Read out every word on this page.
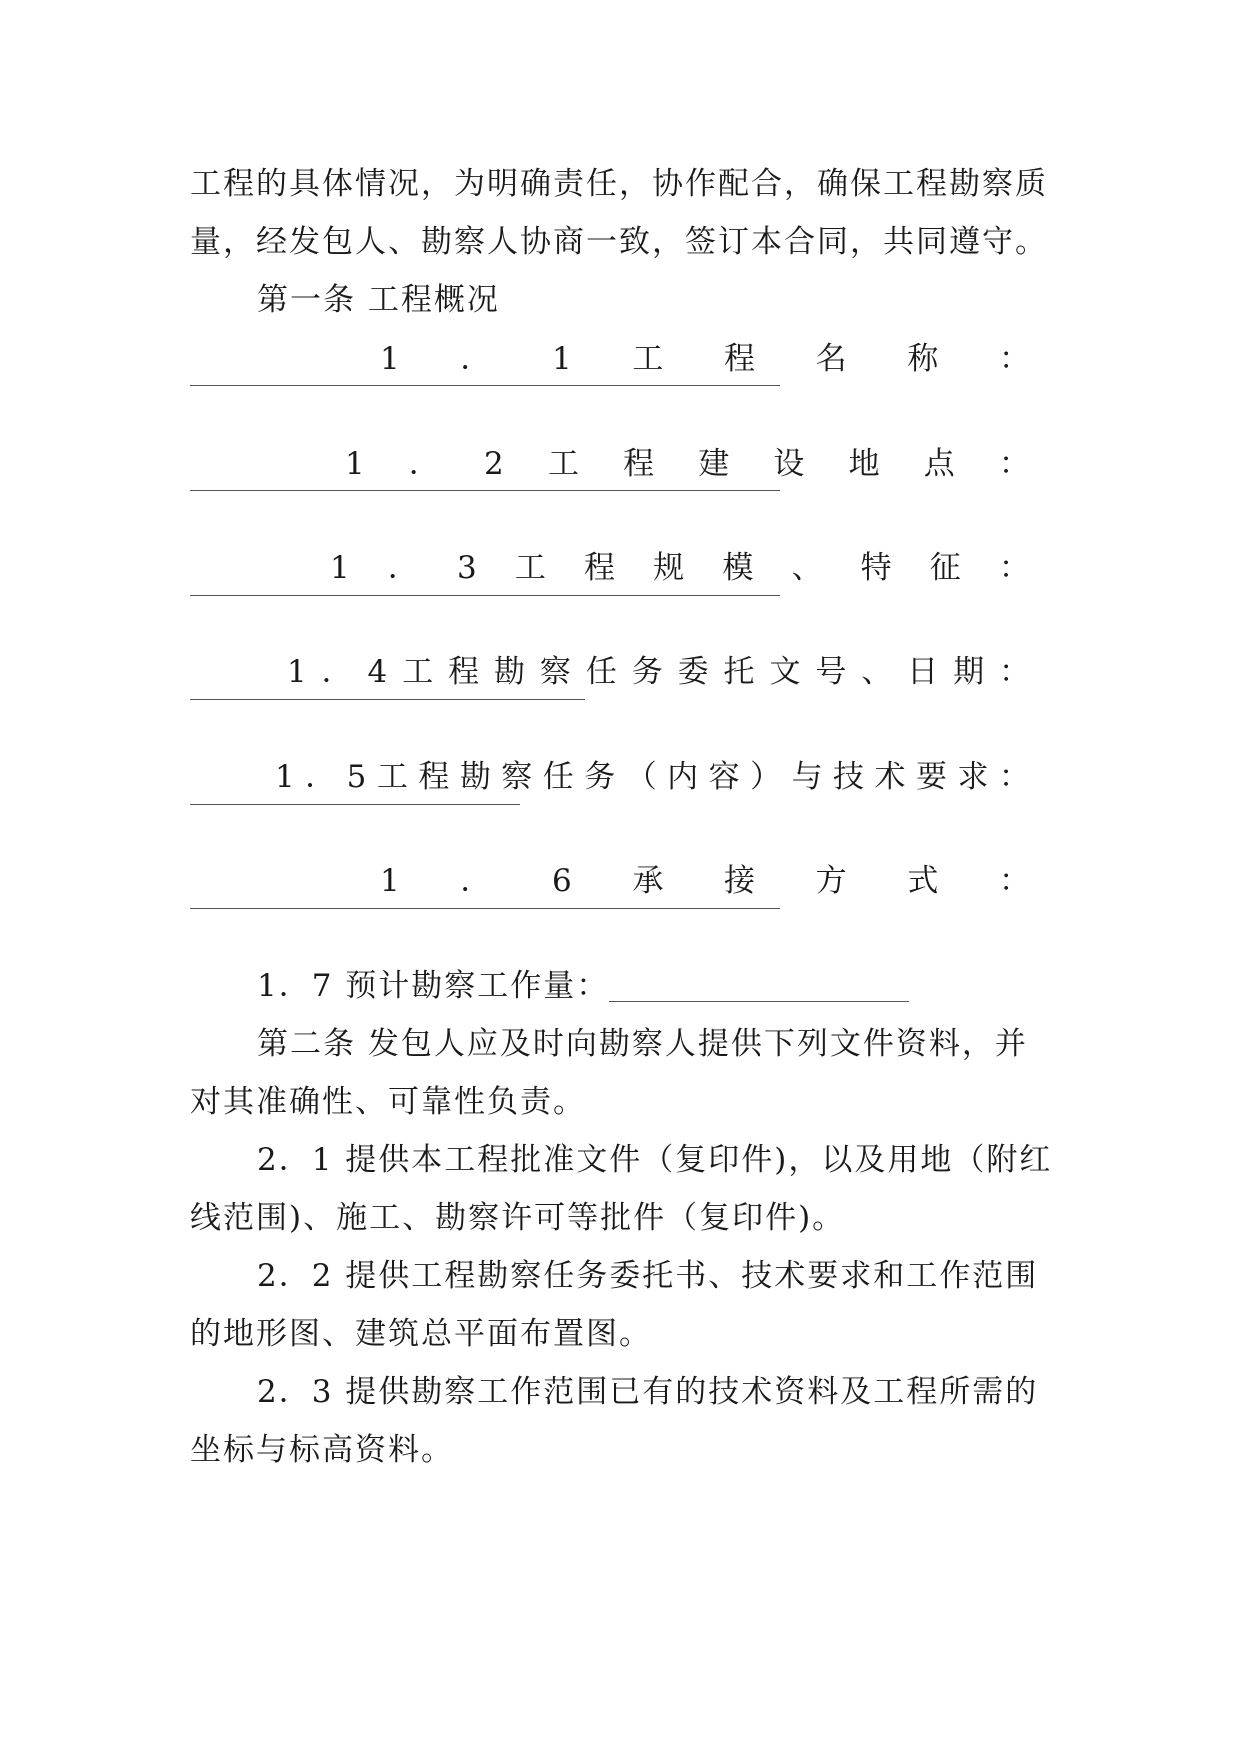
工程的具体情况，为明确责任，协作配合，确保工程勘察质
量，经发包人、勘察人协商一致，签订本合同，共同遵守。
第一条 工程概况
1 ． 1 工 程 名 称 ：
1 ． 2 工 程 建 设 地 点 ：
1 ． 3 工 程 规 模 、 特 征 ：
1 ． 4 工 程 勘 察 任 务 委 托 文 号 、 日 期 ：
1 ． 5 工 程 勘 察 任 务 （ 内 容 ） 与 技 术 要 求 ：
1 ． 6 承 接 方 式 ：
1．7 预计勘察工作量：
第二条 发包人应及时向勘察人提供下列文件资料，并
对其准确性、可靠性负责。
2．1 提供本工程批准文件（复印件)，以及用地（附红
线范围)、施工、勘察许可等批件（复印件)。
2．2 提供工程勘察任务委托书、技术要求和工作范围
的地形图、建筑总平面布置图。
2．3 提供勘察工作范围已有的技术资料及工程所需的
坐标与标高资料。
